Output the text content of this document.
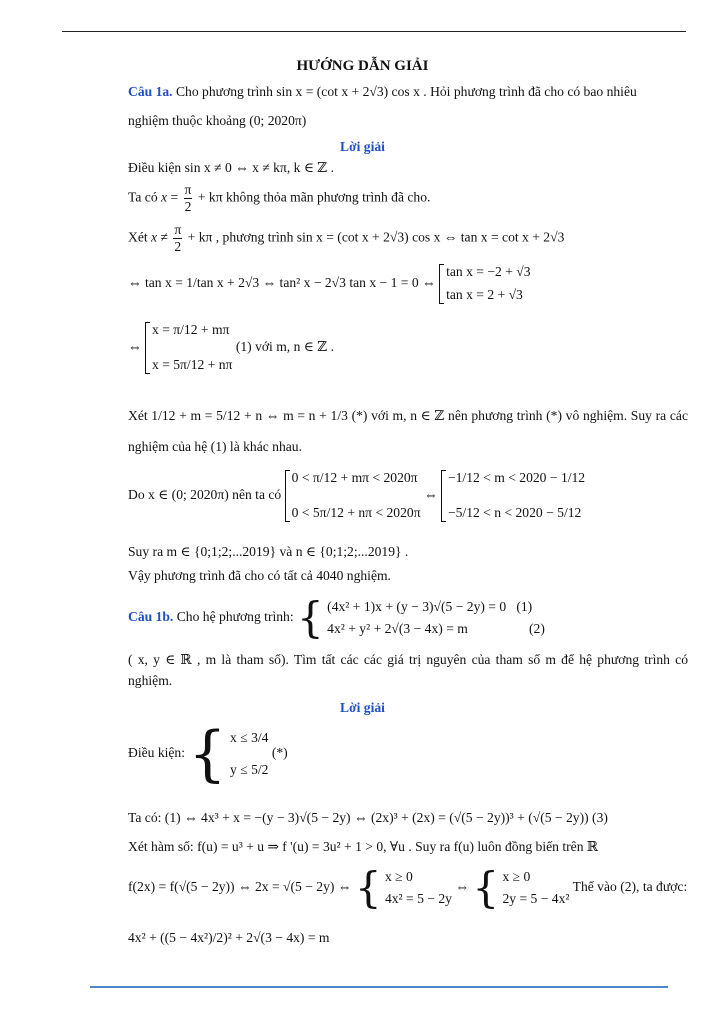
HƯỚNG DẪN GIẢI
Câu 1a. Cho phương trình sin x = (cot x + 2√3) cos x . Hỏi phương trình đã cho có bao nhiêu
nghiệm thuộc khoảng (0; 2020π)
Lời giải
Điều kiện sin x ≠ 0 ⇔ x ≠ kπ, k ∈ ℤ .
Ta có $x = \frac{\pi}{2} + k\pi$ không thỏa mãn phương trình đã cho.
Xét $x \ne \frac{\pi}{2} + k\pi$ , phương trình sin x = (cot x + 2√3) cos x ⇔ tan x = cot x + 2√3
⇔ tan x = 1/tan x + 2√3 ⇔ tan² x − 2√3 tan x − 1 = 0 ⇔
tan x = −2 + √3
tan x = 2 + √3
⇔
x = π/12 + mπ
x = 5π/12 + nπ
(1) với m, n ∈ ℤ .
Xét 1/12 + m = 5/12 + n ⇔ m = n + 1/3 (*) với m, n ∈ ℤ nên phương trình (*) vô nghiệm. Suy ra các
nghiệm của hệ (1) là khác nhau.
Do x ∈ (0; 2020π) nên ta có
0 < π/12 + mπ < 2020π
0 < 5π/12 + nπ < 2020π
⇔
−1/12 < m < 2020 − 1/12
−5/12 < n < 2020 − 5/12
Suy ra m ∈ {0;1;2;...2019} và n ∈ {0;1;2;...2019} .
Vậy phương trình đã cho có tất cả 4040 nghiệm.
Câu 1b. Cho hệ phương trình: { (4x² + 1)x + (y − 3)√(5 − 2y) = 0 (1)
4x² + y² + 2√(3 − 4x) = m	(2)
( x, y ∈ ℝ , m là tham số). Tìm tất các các giá trị nguyên của tham số m để hệ phương trình có
nghiệm.
Lời giải
Điều kiện: { x ≤ 3/4
y ≤ 5/2
(*)
Ta có: (1) ⇔ 4x³ + x = −(y − 3)√(5 − 2y) ⇔ (2x)³ + (2x) = (√(5 − 2y))³ + (√(5 − 2y)) (3)
Xét hàm số: f(u) = u³ + u ⇒ f '(u) = 3u² + 1 > 0, ∀u . Suy ra f(u) luôn đồng biến trên ℝ
f(2x) = f(√(5 − 2y)) ⇔ 2x = √(5 − 2y) ⇔ { x ≥ 0
4x² = 5 − 2y
⇔ { x ≥ 0
2y = 5 − 4x²
Thế vào (2), ta được:
4x² + ((5 − 4x²)/2)² + 2√(3 − 4x) = m
